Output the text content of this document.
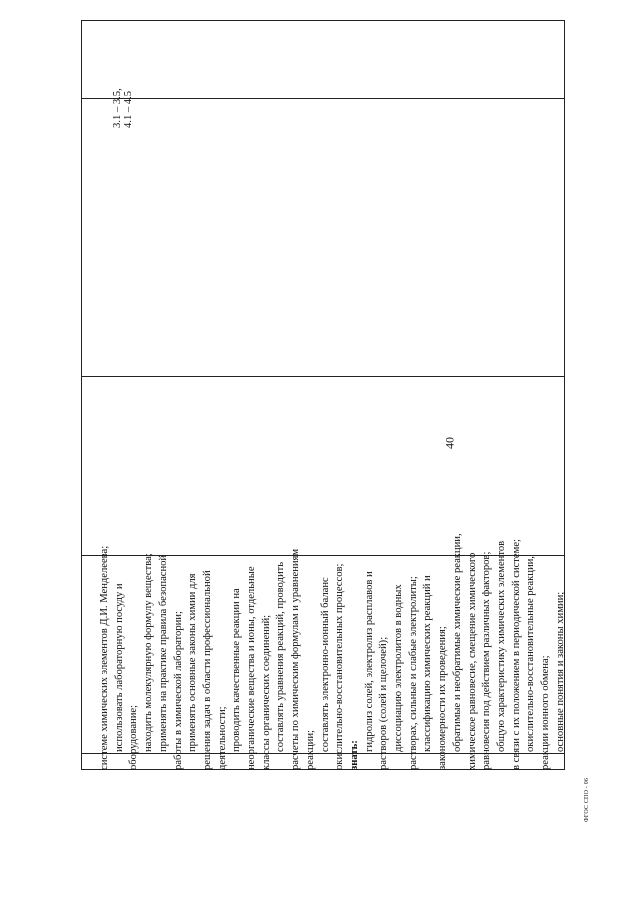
40
системе химических элементов Д.И. Менделеева; использовать лабораторную посуду и оборудование; находить молекулярную формулу вещества; применять на практике правила безопасной работы в химической лаборатории; применять основные законы химии для решения задач в области профессиональной деятельности; проводить качественные реакции на неорганические вещества и ионы, отдельные классы органических соединений; составлять уравнения реакций, проводить расчеты по химическим формулам и уравнениям реакции; составлять электронно-ионный баланс окислительно-восстановительных процессов; знать:
гидролиз солей, электролиз расплавов и растворов (солей и щелочей); диссоциацию электролитов в водных растворах, сильные и слабые электролиты; классификацию химических реакций и закономерности их проведения; обратимые и необратимые химические реакции, химическое равновесие, смещение химического равновесия под действием различных факторов; общую характеристику химических элементов в связи с их положением в периодической системе; окислительно-восстановительные реакции, реакции ионного обмена; основные понятия и законы химии;
3.1 – 3.5, 4.1 – 4.5
ФГОС СПО - 06
